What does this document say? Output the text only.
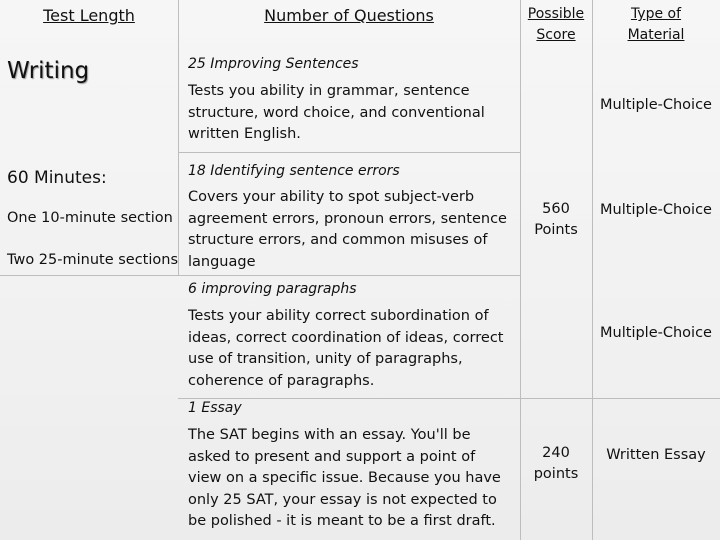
Test Length	Number of Questions	Possible
Score
Type of
Material
Writing
60 Minutes:
One 10-minute section
Two 25-minute sections
25 Improving Sentences
Tests you ability in grammar, sentence
structure, word choice, and conventional
written English.
Multiple-Choice
18 Identifying sentence errors
Covers your ability to spot subject-verb
agreement errors, pronoun errors, sentence
structure errors, and common misuses of
language
Multiple-Choice
560
Points
6 improving paragraphs
Tests your ability correct subordination of
ideas, correct coordination of ideas, correct
use of transition, unity of paragraphs,
coherence of paragraphs.
Multiple-Choice
1 Essay
The SAT begins with an essay. You'll be
asked to present and support a point of
view on a specific issue. Because you have
only 25 SAT, your essay is not expected to
be polished - it is meant to be a first draft.
240
points
Written Essay
